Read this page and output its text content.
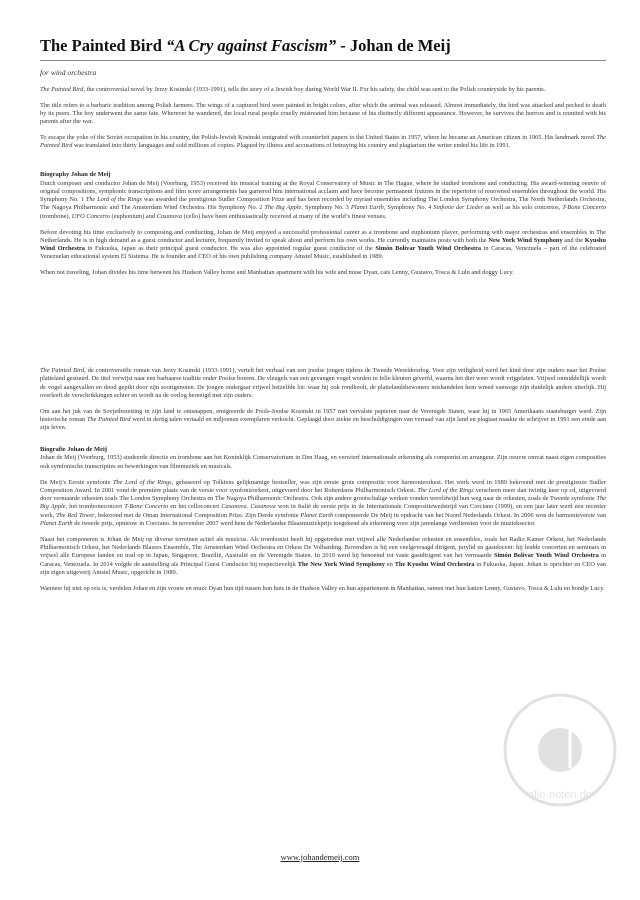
The Painted Bird “A Cry against Fascism” - Johan de Meij
for wind orchestra

The Painted Bird, the controversial novel by Jerzy Kosinski (1933-1991), tells the story of a Jewish boy during World War II. For his safety, the child was sent to the Polish countryside by his parents.

The title refers to a barbaric tradition among Polish farmers. The wings of a captured bird were painted in bright colors, after which the animal was released. Almost immediately, the bird was attacked and pecked to death by its peers. The boy underwent the same fate. Wherever he wandered, the local rural people cruelly mistreated him because of his distinctly different appearance. However, he survives the horrors and is reunited with his parents after the war.

To escape the yoke of the Soviet occupation in his country, the Polish-Jewish Kosinski emigrated with counterfeit papers to the United States in 1957, where he became an American citizen in 1965. His landmark novel The Painted Bird was translated into thirty languages and sold millions of copies. Plagued by illness and accusations of betraying his country and plagiarism the writer ended his life in 1991.

Biography Johan de Meij

Dutch composer and conductor Johan de Meij (Voorburg, 1953) received his musical training at the Royal Conservatory of Music in The Hague, where he studied trombone and conducting. His award-winning oeuvre of original compositions, symphonic transcriptions and film score arrangements has garnered him international acclaim and have become permanent fixtures in the repertoire of renowned ensembles throughout the world. His Symphony No. 1 The Lord of the Rings was awarded the prestigious Sudler Composition Prize and has been recorded by myriad ensembles including The London Symphony Orchestra, The North Netherlands Orchestra, The Nagoya Philharmonic and The Amsterdam Wind Orchestra. His Symphony No. 2 The Big Apple, Symphony No. 3 Planet Earth, Symphony No. 4 Sinfonie der Lieder as well as his solo concertos, T-Bone Concerto (trombone), UFO Concerto (euphonium) and Casanova (cello) have been enthusiastically received at many of the world’s finest venues.

Before devoting his time exclusively to composing and conducting, Johan de Meij enjoyed a successful professional career as a trombone and euphonium player, performing with major orchestras and ensembles in The Netherlands. He is in high demand as a guest conductor and lecturer, frequently invited to speak about and perform his own works. He currently maintains posts with both the New York Wind Symphony and the Kyushu Wind Orchestra in Fukuoka, Japan as their principal guest conductor. He was also appointed regular guest conductor of the Simón Bolívar Youth Wind Orchestra in Caracas, Venezuela – part of the celebrated Venezuelan educational system El Sistema. He is founder and CEO of his own publishing company Amstel Music, established in 1989.

When not traveling, Johan divides his time between his Hudson Valley home and Manhattan apartment with his wife and muse Dyan, cats Lenny, Gustavo, Tosca & Lulu and doggy Lucy.

The Painted Bird, de controversiële roman van Jerzy Kosinski (1933-1991), vertelt het verhaal van een joodse jongen tijdens de Tweede Wereldoorlog. Voor zijn veiligheid werd het kind door zijn ouders naar het Poolse platteland gestuurd. De titel verwijst naar een barbaarse traditie onder Poolse boeren. De vleugels van een gevangen vogel worden in felle kleuren geverfd, waarna het dier weer wordt vrijgelaten. Vrijwel onmiddellijk wordt de vogel aangevallen en dood gepikt door zijn soortgenoten. De jongen ondergaat vrijwel hetzelfde lot: waar hij ook rondkoolt, de plattelandsbewoners mishandelen hem wreed vanwege zijn duidelijk andere uiterlijk. Hij overleeft de verschrikkingen echter en wordt na de oorlog herenigd met zijn ouders.

Om aan het juk van de Sovjetbezetting in zijn land te ontsnappen, emigreerde de Pools-Joodse Kosinski in 1957 met vervalste papieren naar de Verenigde Staten, waar hij in 1965 Amerikaans staatsburger werd. Zijn historische roman The Painted Bird werd in dertig talen vertaald en miljoenen exemplaren verkocht. Geplaagd door ziekte en beschuldigingen van verraad van zijn land en plagiaat maakte de schrijver in 1991 een einde aan zijn leven.

Biografie Johan de Meij

Johan de Meij (Voorburg, 1953) studeerde directie en trombone aan het Koninklijk Conservatorium in Den Haag, en verwierf internationale erkenning als componist en arrangeur. Zijn oeuvre omvat naast eigen composities ook symfonische transcripties en bewerkingen van filmmuziek en musicals.

De Meij’s Eerste symfonie The Lord of the Rings, gebaseerd op Tolkiens gelijknamige bestseller, was zijn eerste grote compositie voor harmonieorkest. Het werk werd in 1989 bekroond met de prestigieuze Sudler Composition Award. In 2001 vond de première plaats van de versie voor symfonieorkest, uitgevoerd door het Rotterdams Philharmonisch Orkest. The Lord of the Rings verscheen meer dan twintig keer op cd, uitgevoerd door vermaarde orkesten zoals The London Symphony Orchestra en The Nagoya Philharmonic Orchestra. Ook zijn andere grootschalige werken vonden wereldwijd hun weg naar de orkesten, zoals de Tweede symfonie The Big Apple, het tromboneconcert T-Bone Concerto en het celloconcert Casanova. Casanova won in Italië de eerste prijs in de Internationale Compositiewedstrijd van Corciano (1999), en een jaar later werd een recenter werk, The Red Tower, bekroond met de Oman International Composition Prize. Zijn Derde symfonie Planet Earth componeerde De Meij in opdracht van het Noord Nederlands Orkest. In 2006 won de harmonieversie van Planet Earth de tweede prijs, opnieuw in Corciano. In november 2007 werd hem de Nederlandse Blaasmuziekprijs toegekend als erkenning voor zijn jarenlange verdiensten voor de muzieksector.

Naast het componeren is Johan de Meij op diverse terreinen actief als musicus. Als trombonist heeft hij opgetreden met vrijwel alle Nederlandse orkesten en ensembles, zoals het Radio Kamer Orkest, het Nederlands Philharmonisch Orkest, het Nederlands Blazers Ensemble, The Amsterdam Wind Orchestra en Orkest De Volharding. Bovendien is hij een veelgevraagd dirigent, jurylid en gastdocent: hij leidde concerten en seminars in vrijwel alle Europese landen en trad op in Japan, Singapore, Brazilië, Australië en de Verenigde Staten. In 2010 werd hij benoemd tot vaste gastdirigent van het vermaarde Simón Bolívar Youth Wind Orchestra in Caracas, Venezuela. In 2014 volgde de aanstelling als Principal Guest Conductor bij respectievelijk The New York Wind Symphony en The Kyushu Wind Orchestra in Fukuoka, Japan. Johan is oprichter en CEO van zijn eigen uitgeverij Amstel Music, opgericht in 1989.

Wanneer hij niet op reis is, verdelen Johan en zijn vrouw en muze Dyan hun tijd tussen hun huis in de Hudson Valley en hun appartement in Manhattan, samen met hun katten Lenny, Gustavo, Tosca & Lulu en hondje Lucy.

alle-noten.de
www.johandemeij.com
